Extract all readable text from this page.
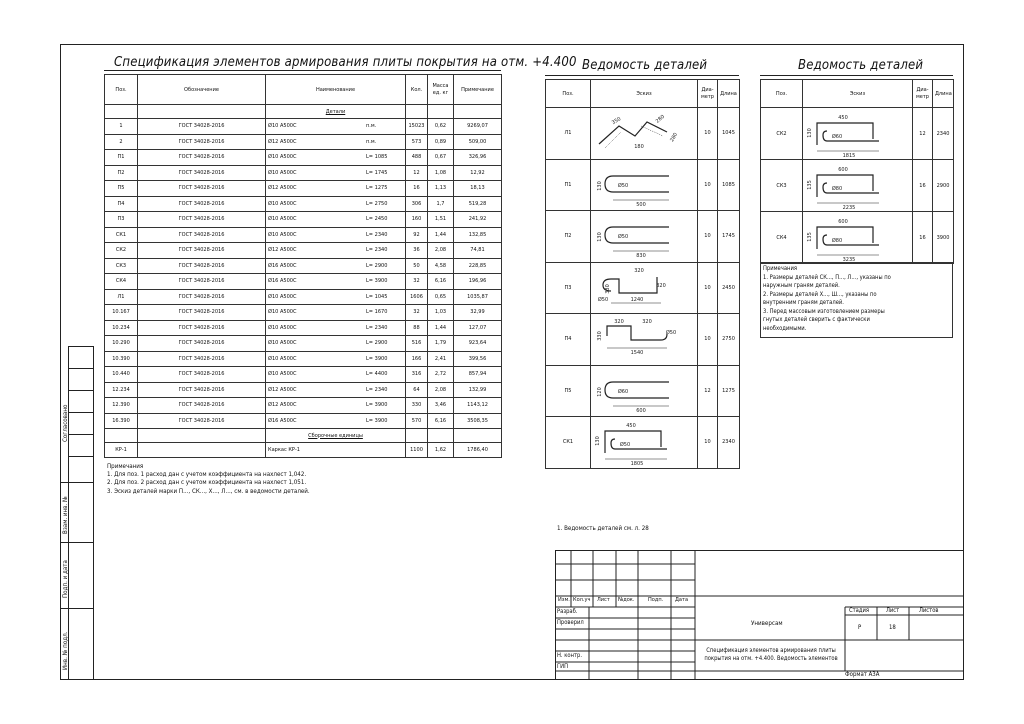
Согласовано
Взам. инв. №
Подп. и дата
Инв. № подл.
Спецификация элементов армирования плиты покрытия на отм. +4.400
Поз.	Обозначение	Наименование	Кол.	Масса ед. кг	Примечание
		Детали			
1	ГОСТ 34028-2016	Ø10 А500С п.м.	15023	0,62	9269,07
2	ГОСТ 34028-2016	Ø12 А500С п.м.	573	0,89	509,00
П1	ГОСТ 34028-2016	Ø10 А500С L= 1085	488	0,67	326,96
П2	ГОСТ 34028-2016	Ø10 А500С L= 1745	12	1,08	12,92
П5	ГОСТ 34028-2016	Ø12 А500С L= 1275	16	1,13	18,13
П4	ГОСТ 34028-2016	Ø10 А500С L= 2750	306	1,7	519,28
П3	ГОСТ 34028-2016	Ø10 А500С L= 2450	160	1,51	241,92
СК1	ГОСТ 34028-2016	Ø10 А500С L= 2340	92	1,44	132,85
СК2	ГОСТ 34028-2016	Ø12 А500С L= 2340	36	2,08	74,81
СК3	ГОСТ 34028-2016	Ø16 А500С L= 2900	50	4,58	228,85
СК4	ГОСТ 34028-2016	Ø16 А500С L= 3900	32	6,16	196,96
Л1	ГОСТ 34028-2016	Ø10 А500С L= 1045	1606	0,65	1035,87
10.167	ГОСТ 34028-2016	Ø10 А500С L= 1670	32	1,03	32,99
10.234	ГОСТ 34028-2016	Ø10 А500С L= 2340	88	1,44	127,07
10.290	ГОСТ 34028-2016	Ø10 А500С L= 2900	516	1,79	923,64
10.390	ГОСТ 34028-2016	Ø10 А500С L= 3900	166	2,41	399,56
10.440	ГОСТ 34028-2016	Ø10 А500С L= 4400	316	2,72	857,94
12.234	ГОСТ 34028-2016	Ø12 А500С L= 2340	64	2,08	132,99
12.390	ГОСТ 34028-2016	Ø12 А500С L= 3900	330	3,46	1143,12
16.390	ГОСТ 34028-2016	Ø16 А500С L= 3900	570	6,16	3508,35
		Сборочные единицы			
КР-1		Каркас КР-1	1100	1,62	1786,40
Примечания
1. Для поз. 1 расход дан с учетом коэффициента на нахлест 1,042.
2. Для поз. 2 расход дан с учетом коэффициента на нахлест 1,051.
3. Эскиз деталей марки П..., СК..., Х..., Л..., см. в ведомости деталей.
Ведомость деталей
Поз.	Эскиз	Диа- метр	Длина
Л1	350 280
280
180	10	1045
П1	500
130 Ø50	10	1085
П2	830
130 Ø50	10	1745
П3	320
320
330
Ø50 1240	10	2450
П4	320 320
330 Ø50
1540	10	2750
П5	600
120 Ø60	12	1275
СК1	450
130 Ø50
1805	10	2340
Ведомость деталей
Поз.	Эскиз	Диа- метр	Длина
СК2	450
130 Ø60
1815	12	2340
СК3	600
135 Ø80
2235	16	2900
СК4	600
135 Ø80
3235	16	3900
Примечания
1. Размеры деталей СК..., П..., Л..., указаны по
наружным граням деталей.
2. Размеры деталей Х..., Ш..., указаны по
внутренним граням деталей.
3. Перед массовым изготовлением размеры
гнутых деталей сверить с фактически
необходимыми.
1. Ведомость деталей см. л. 28
Изм. Кол.уч Лист №док. Подп. Дата
Разраб.
Проверил
Н. контр.
ГИП
Универсам
Стадия	Лист	Листов
Р	18
Спецификация элементов армирования плиты покрытия на отм. +4.400. Ведомость элементов
Формат А3А
